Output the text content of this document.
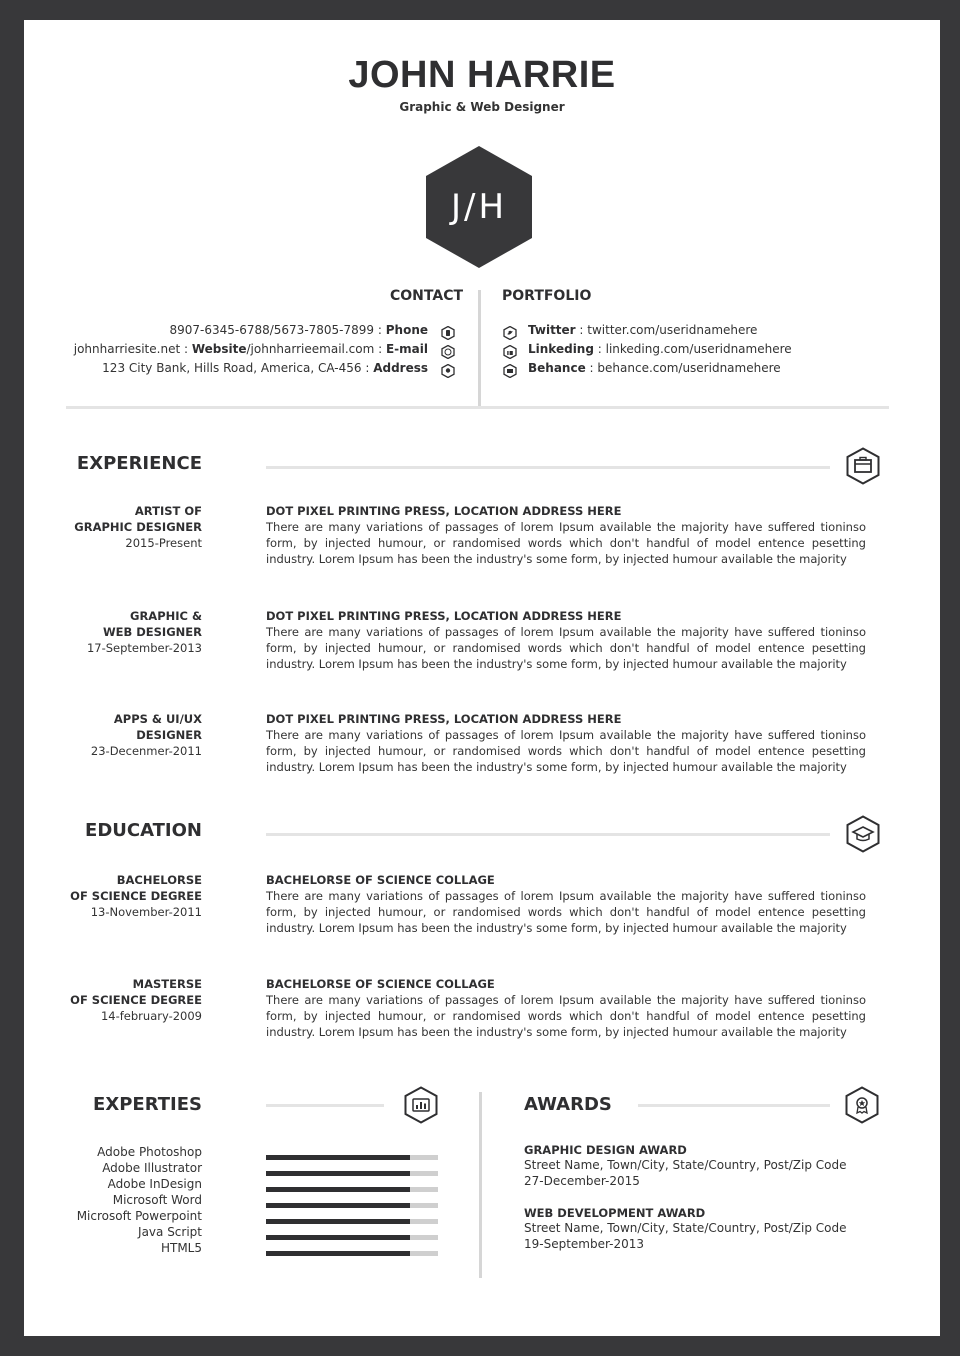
JOHN HARRIE
Graphic & Web Designer
J/H
CONTACT	PORTFOLIO
8907-6345-6788/5673-7805-7899 : Phone
johnharriesite.net : Website/johnharrieemail.com : E-mail
123 City Bank, Hills Road, America, CA-456 : Address
Twitter : twitter.com/useridnamehere
Linkeding : linkeding.com/useridnamehere
Behance : behance.com/useridnamehere
EXPERIENCE
ARTIST OF
GRAPHIC DESIGNER
2015-Present
DOT PIXEL PRINTING PRESS, LOCATION ADDRESS HERE
There are many variations of passages of lorem Ipsum available the majority have suffered tioninso form, by injected humour, or randomised words which don't handful of model entence pesetting industry. Lorem Ipsum has been the industry's some form, by injected humour available the majority
GRAPHIC &
WEB DESIGNER
17-September-2013
DOT PIXEL PRINTING PRESS, LOCATION ADDRESS HERE
There are many variations of passages of lorem Ipsum available the majority have suffered tioninso form, by injected humour, or randomised words which don't handful of model entence pesetting industry. Lorem Ipsum has been the industry's some form, by injected humour available the majority
APPS & UI/UX
DESIGNER
23-Decenmer-2011
DOT PIXEL PRINTING PRESS, LOCATION ADDRESS HERE
There are many variations of passages of lorem Ipsum available the majority have suffered tioninso form, by injected humour, or randomised words which don't handful of model entence pesetting industry. Lorem Ipsum has been the industry's some form, by injected humour available the majority
EDUCATION
BACHELORSE
OF SCIENCE DEGREE
13-November-2011
BACHELORSE OF SCIENCE COLLAGE
There are many variations of passages of lorem Ipsum available the majority have suffered tioninso form, by injected humour, or randomised words which don't handful of model entence pesetting industry. Lorem Ipsum has been the industry's some form, by injected humour available the majority
MASTERSE
OF SCIENCE DEGREE
14-february-2009
BACHELORSE OF SCIENCE COLLAGE
There are many variations of passages of lorem Ipsum available the majority have suffered tioninso form, by injected humour, or randomised words which don't handful of model entence pesetting industry. Lorem Ipsum has been the industry's some form, by injected humour available the majority
EXPERTIES
Adobe Photoshop
Adobe Illustrator
Adobe InDesign
Microsoft Word
Microsoft Powerpoint
Java Script
HTML5
AWARDS
GRAPHIC DESIGN AWARD
Street Name, Town/City, State/Country, Post/Zip Code
27-December-2015
WEB DEVELOPMENT AWARD
Street Name, Town/City, State/Country, Post/Zip Code
19-September-2013
